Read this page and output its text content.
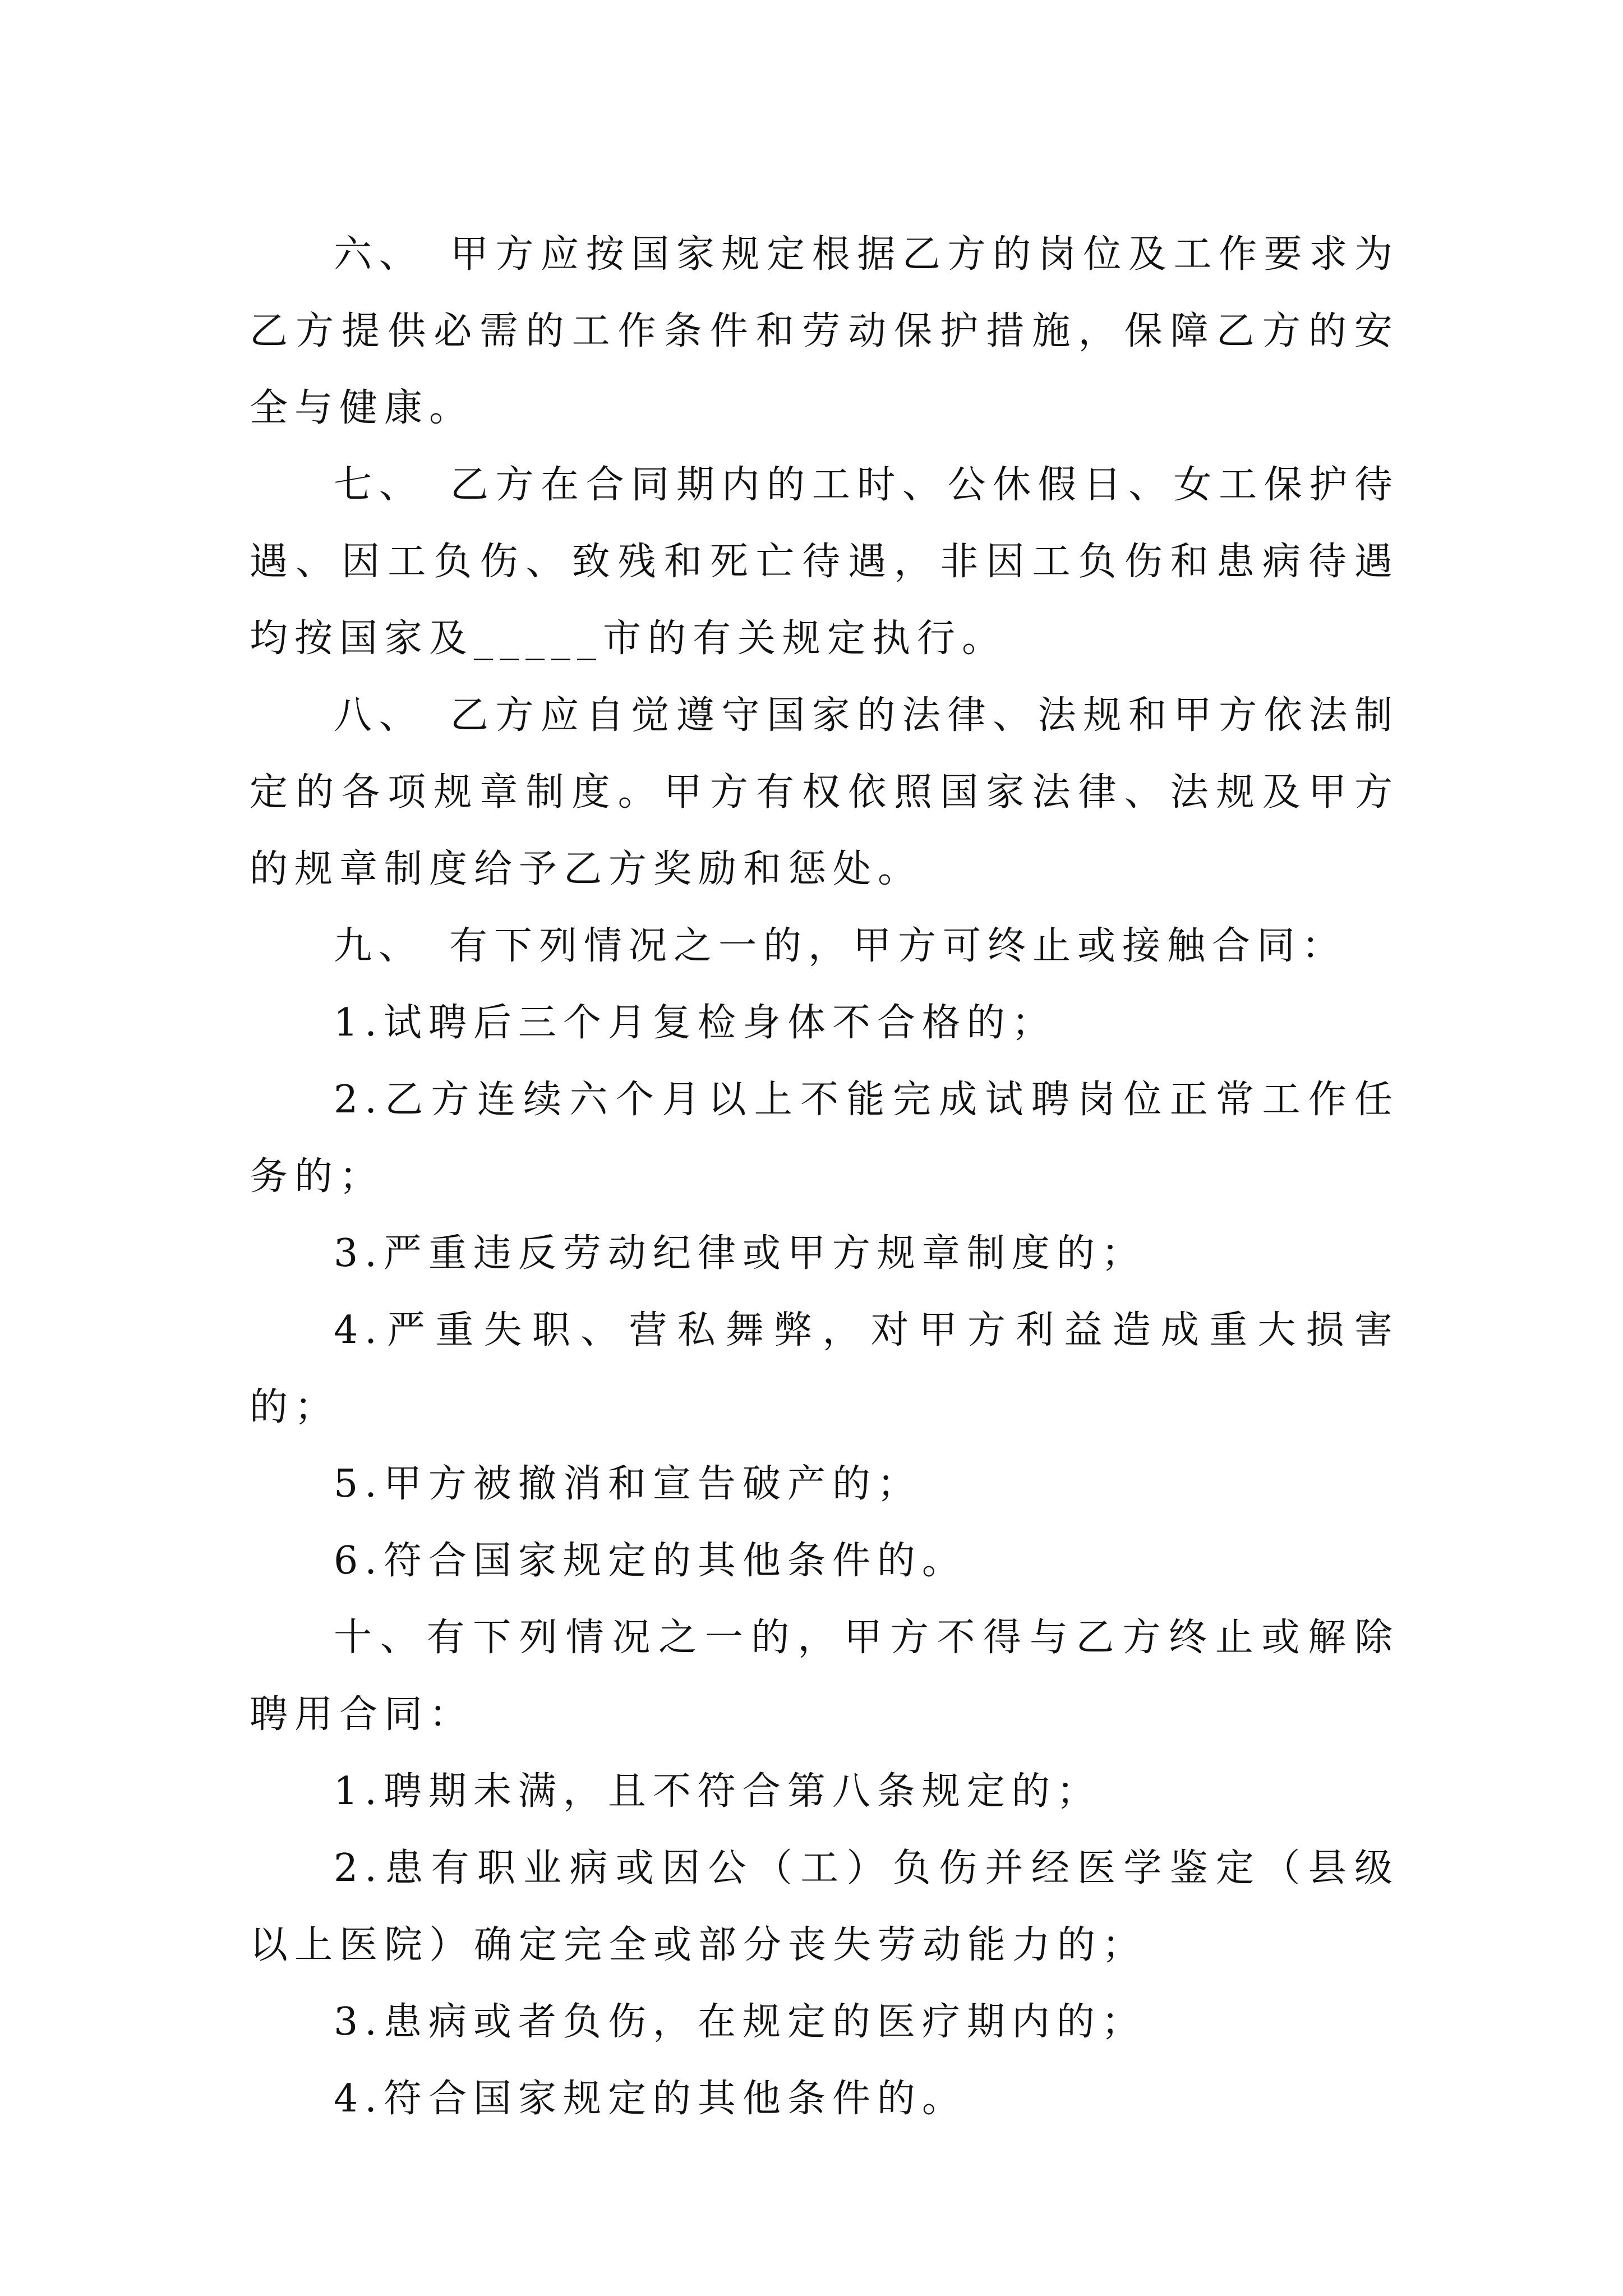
六、　甲方应按国家规定根据乙方的岗位及工作要求为乙方提供必需的工作条件和劳动保护措施，保障乙方的安全与健康。

七、　乙方在合同期内的工时、公休假日、女工保护待遇、因工负伤、致残和死亡待遇，非因工负伤和患病待遇均按国家及_____市的有关规定执行。

八、　乙方应自觉遵守国家的法律、法规和甲方依法制定的各项规章制度。甲方有权依照国家法律、法规及甲方的规章制度给予乙方奖励和惩处。

九、　有下列情况之一的，甲方可终止或接触合同：

1.试聘后三个月复检身体不合格的；

2.乙方连续六个月以上不能完成试聘岗位正常工作任务的；

3.严重违反劳动纪律或甲方规章制度的；

4.严重失职、营私舞弊，对甲方利益造成重大损害的；

5.甲方被撤消和宣告破产的；

6.符合国家规定的其他条件的。

十、有下列情况之一的，甲方不得与乙方终止或解除聘用合同：

1.聘期未满，且不符合第八条规定的；

2.患有职业病或因公（工）负伤并经医学鉴定（县级以上医院）确定完全或部分丧失劳动能力的；

3.患病或者负伤，在规定的医疗期内的；

4.符合国家规定的其他条件的。
